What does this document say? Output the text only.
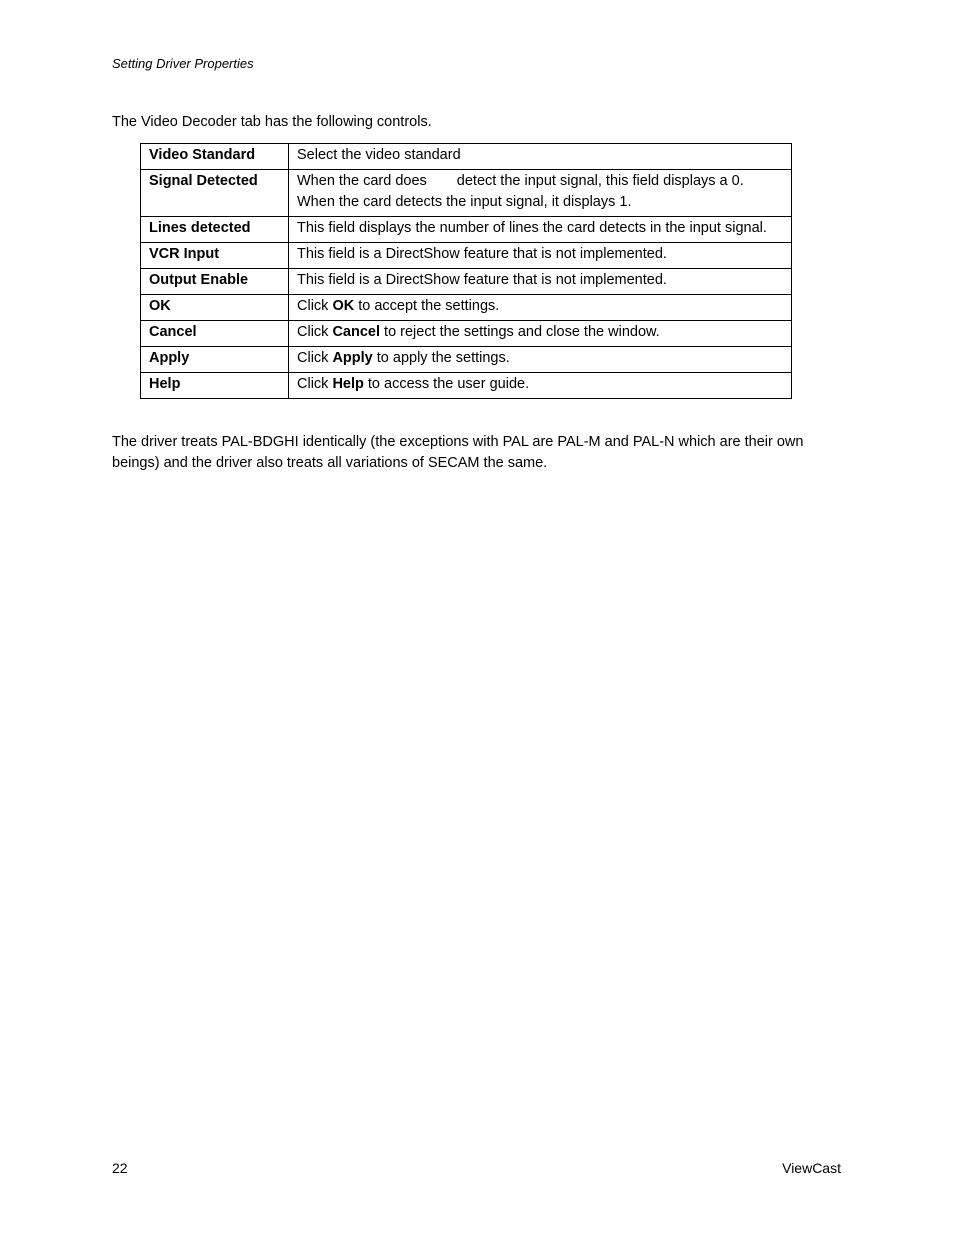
Setting Driver Properties
The Video Decoder tab has the following controls.
Video Standard	Select the video standard
Signal Detected	When the card does detect the input signal, this field displays a 0. When the card detects the input signal, it displays 1.
Lines detected	This field displays the number of lines the card detects in the input signal.
VCR Input	This field is a DirectShow feature that is not implemented.
Output Enable	This field is a DirectShow feature that is not implemented.
OK	Click OK to accept the settings.
Cancel	Click Cancel to reject the settings and close the window.
Apply	Click Apply to apply the settings.
Help	Click Help to access the user guide.
The driver treats PAL-BDGHI identically (the exceptions with PAL are PAL-M and PAL-N which are their own beings) and the driver also treats all variations of SECAM the same.
22	ViewCast
